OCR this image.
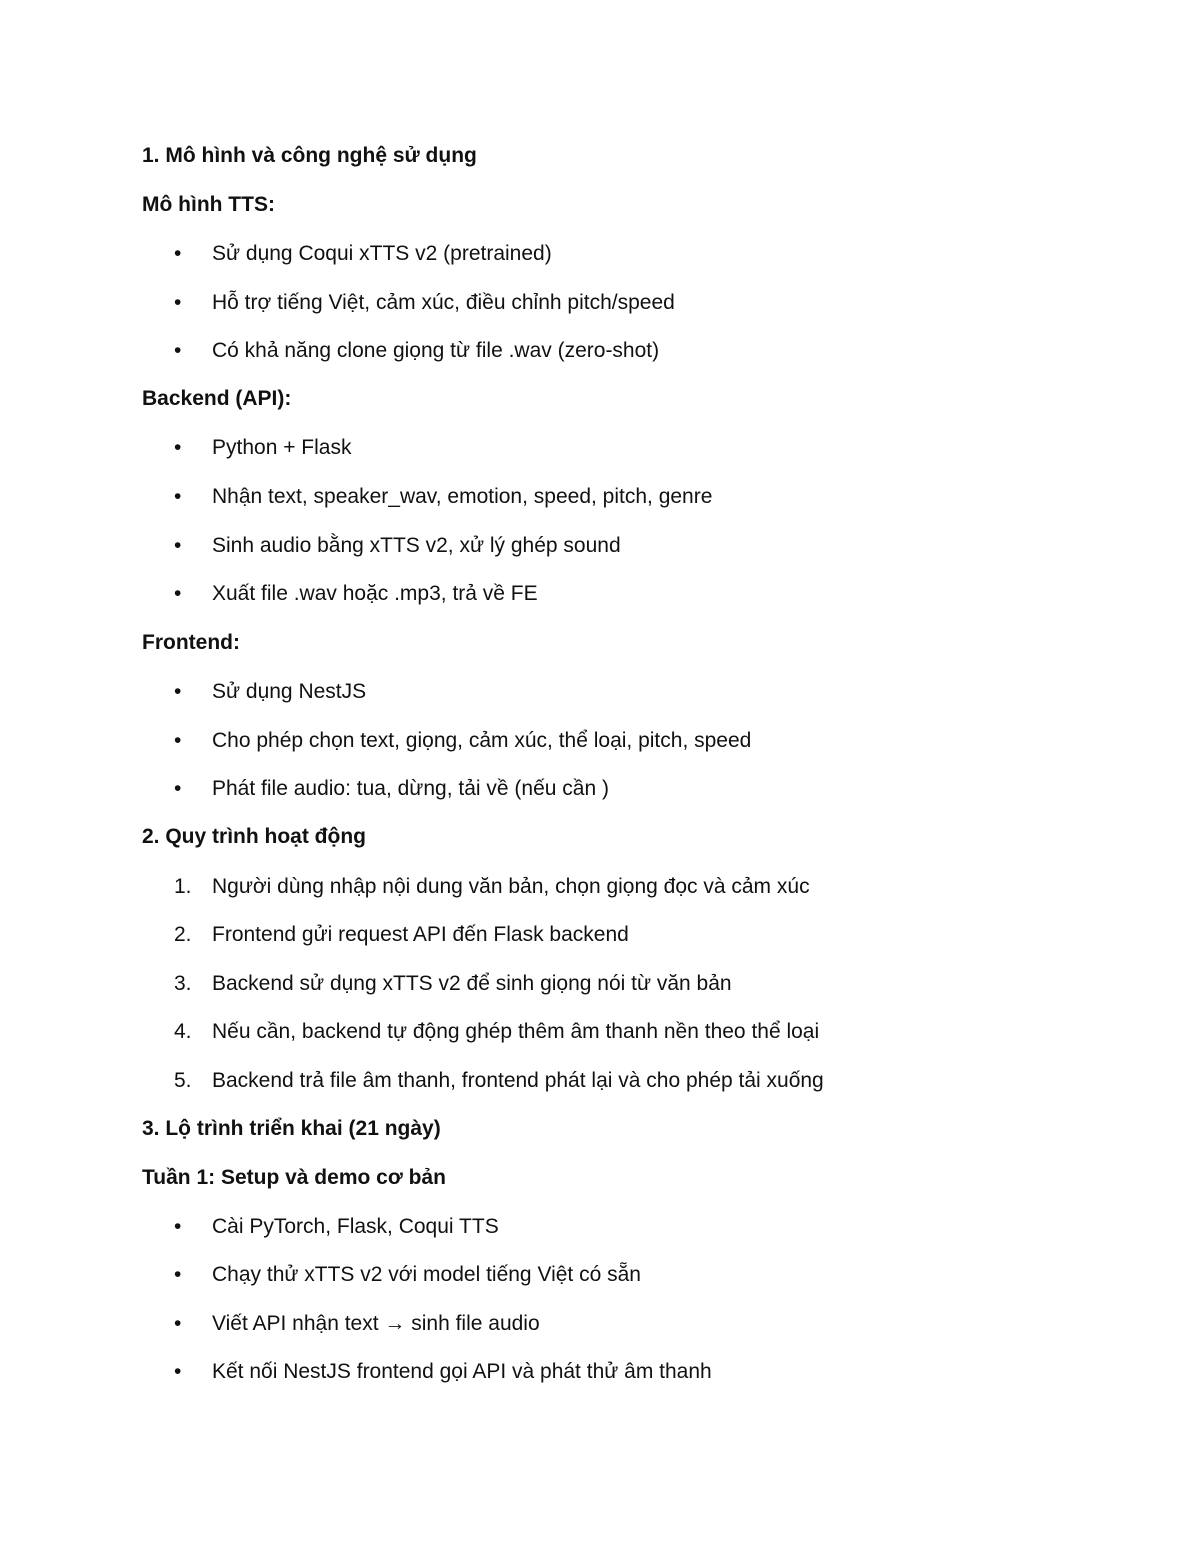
1. Mô hình và công nghệ sử dụng
Mô hình TTS:
• Sử dụng Coqui xTTS v2 (pretrained)
• Hỗ trợ tiếng Việt, cảm xúc, điều chỉnh pitch/speed
• Có khả năng clone giọng từ file .wav (zero-shot)
Backend (API):
• Python + Flask
• Nhận text, speaker_wav, emotion, speed, pitch, genre
• Sinh audio bằng xTTS v2, xử lý ghép sound
• Xuất file .wav hoặc .mp3, trả về FE
Frontend:
• Sử dụng NestJS
• Cho phép chọn text, giọng, cảm xúc, thể loại, pitch, speed
• Phát file audio: tua, dừng, tải về (nếu cần )
2. Quy trình hoạt động
1. Người dùng nhập nội dung văn bản, chọn giọng đọc và cảm xúc
2. Frontend gửi request API đến Flask backend
3. Backend sử dụng xTTS v2 để sinh giọng nói từ văn bản
4. Nếu cần, backend tự động ghép thêm âm thanh nền theo thể loại
5. Backend trả file âm thanh, frontend phát lại và cho phép tải xuống
3. Lộ trình triển khai (21 ngày)
Tuần 1: Setup và demo cơ bản
• Cài PyTorch, Flask, Coqui TTS
• Chạy thử xTTS v2 với model tiếng Việt có sẵn
• Viết API nhận text → sinh file audio
• Kết nối NestJS frontend gọi API và phát thử âm thanh
